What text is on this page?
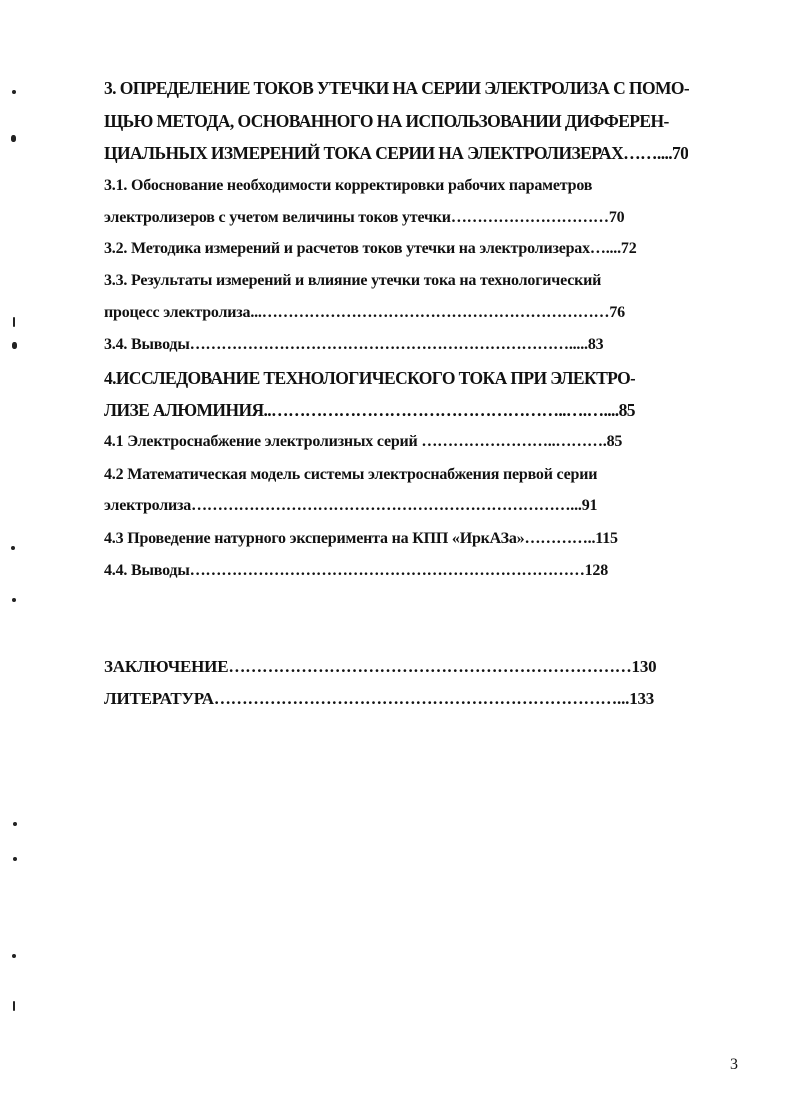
3. ОПРЕДЕЛЕНИЕ ТОКОВ УТЕЧКИ НА СЕРИИ ЭЛЕКТРОЛИЗА С ПОМО-
ЩЬЮ МЕТОДА, ОСНОВАННОГО НА ИСПОЛЬЗОВАНИИ ДИФФЕРЕН-
ЦИАЛЬНЫХ ИЗМЕРЕНИЙ ТОКА СЕРИИ НА ЭЛЕКТРОЛИЗЕРАХ……....70
3.1. Обоснование необходимости корректировки рабочих параметров
электролизеров с учетом величины токов утечки…………………………70
3.2. Методика измерений и расчетов токов утечки на электролизерах…....72
3.3. Результаты измерений и влияние утечки тока на технологический
процесс электролиза...…………………………………………………………76
3.4. Выводы……………………………………………………………….....83
4.ИССЛЕДОВАНИЕ ТЕХНОЛОГИЧЕСКОГО ТОКА ПРИ ЭЛЕКТРО-
ЛИЗЕ АЛЮМИНИЯ..……………………………………………..….…....85
4.1 Электроснабжение электролизных серий ……………………..……….85
4.2 Математическая модель системы электроснабжения первой серии
электролиза………………………………………………………………...91
4.3 Проведение натурного эксперимента на КПП «ИркАЗа»…………..115
4.4. Выводы…………………………………………………………………128
ЗАКЛЮЧЕНИЕ………………………………………………………………130
ЛИТЕРАТУРА………………………………………………………………...133
3
